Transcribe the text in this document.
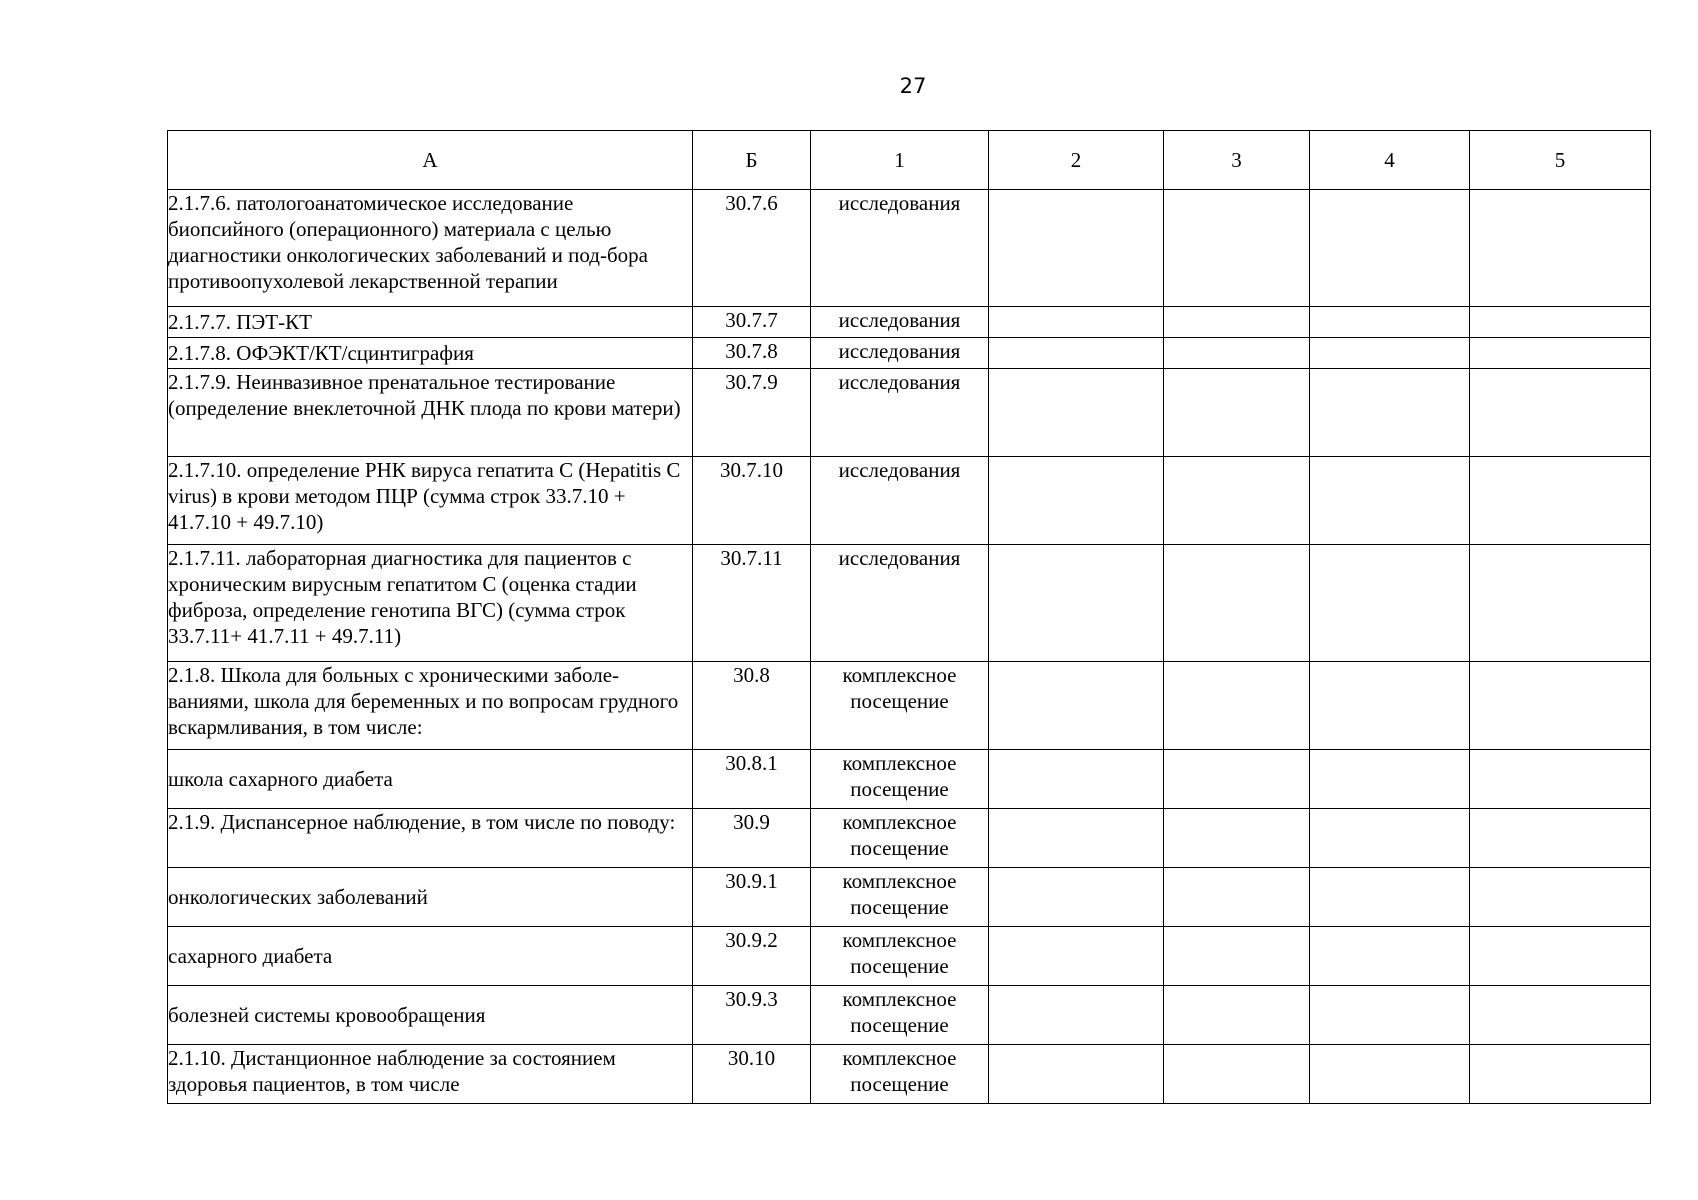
27
А	Б	1	2	3	4	5
2.1.7.6. патологоанатомическое исследование биопсийного (операционного) материала с целью диагностики онкологических заболеваний и под-бора противоопухолевой лекарственной терапии	30.7.6	исследования				
2.1.7.7. ПЭТ-КТ	30.7.7	исследования				
2.1.7.8. ОФЭКТ/КТ/сцинтиграфия	30.7.8	исследования				
2.1.7.9. Неинвазивное пренатальное тестирование (определение внеклеточной ДНК плода по крови матери)	30.7.9	исследования				
2.1.7.10. определение РНК вируса гепатита С (Hepatitis C virus) в крови методом ПЦР (сумма строк 33.7.10 + 41.7.10 + 49.7.10)	30.7.10	исследования				
2.1.7.11. лабораторная диагностика для пациентов с хроническим вирусным гепатитом С (оценка стадии фиброза, определение генотипа ВГС) (сумма строк 33.7.11+ 41.7.11 + 49.7.11)	30.7.11	исследования				
2.1.8. Школа для больных с хроническими заболе-ваниями, школа для беременных и по вопросам грудного вскармливания, в том числе:	30.8	комплексное посещение				
школа сахарного диабета	30.8.1	комплексное посещение				
2.1.9. Диспансерное наблюдение, в том числе по поводу:	30.9	комплексное посещение				
онкологических заболеваний	30.9.1	комплексное посещение				
сахарного диабета	30.9.2	комплексное посещение				
болезней системы кровообращения	30.9.3	комплексное посещение				
2.1.10. Дистанционное наблюдение за состоянием здоровья пациентов, в том числе	30.10	комплексное посещение				
